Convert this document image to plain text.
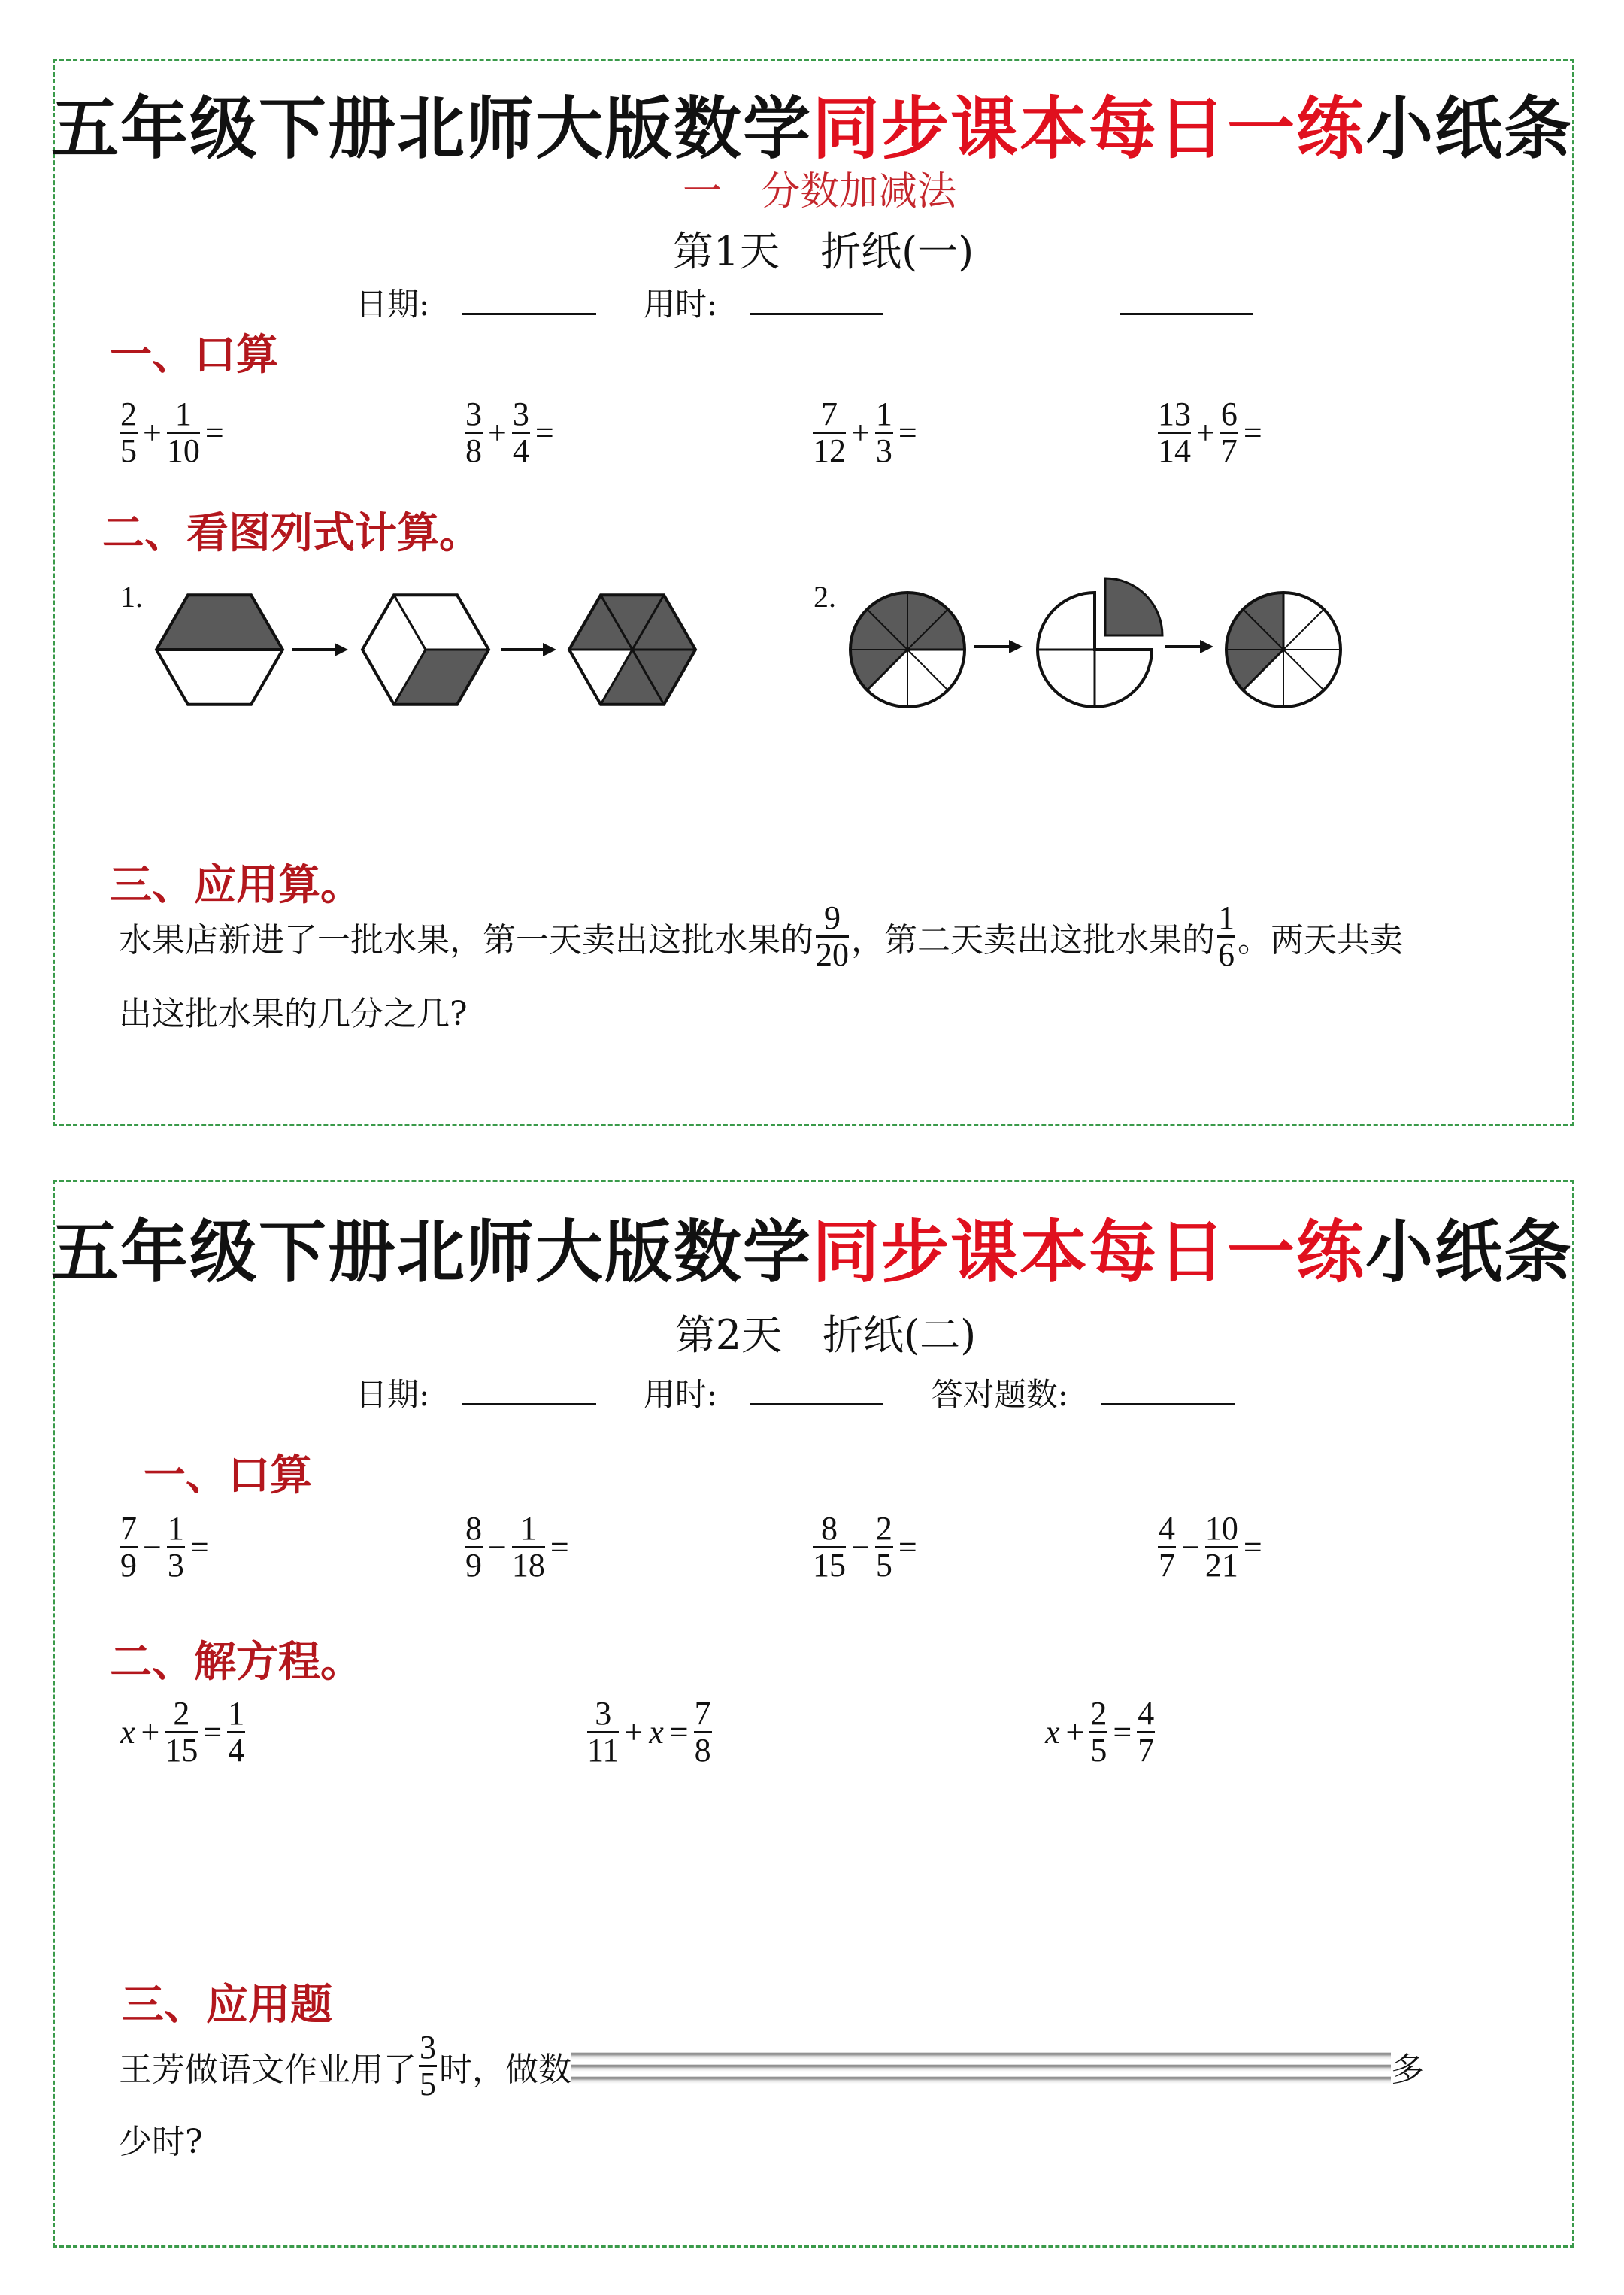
五年级下册北师大版数学同步课本每日一练小纸条
一　分数加减法
第1天　折纸(一)
日期:	用时:
一、口算
$\frac{2}{5} + \frac{1}{10}$ =	$\frac{3}{8} + \frac{3}{4}$ =	$\frac{7}{12} + \frac{1}{3}$ =	$\frac{13}{14} + \frac{6}{7}$ =
二、看图列式计算。
1.	2.
三、应用算。
水果店新进了一批水果，第一天卖出这批水果的 $\frac{9}{20}$ ，第二天卖出这批水果的 $\frac{1}{6}$ 。两天共卖
出这批水果的几分之几?
五年级下册北师大版数学同步课本每日一练小纸条
第2天　折纸(二)
日期:	用时:	答对题数:
一、口算
$\frac{7}{9} - \frac{1}{3}$ =	$\frac{8}{9} - \frac{1}{18}$ =	$\frac{8}{15} - \frac{2}{5}$ =	$\frac{4}{7} - \frac{10}{21}$ =
二、解方程。
$x + \frac{2}{15} = \frac{1}{4}$	$\frac{3}{11} + x = \frac{7}{8}$	$x + \frac{2}{5} = \frac{4}{7}$
三、应用题
王芳做语文作业用了 $\frac{3}{5}$ 时，做数	多
少时?
